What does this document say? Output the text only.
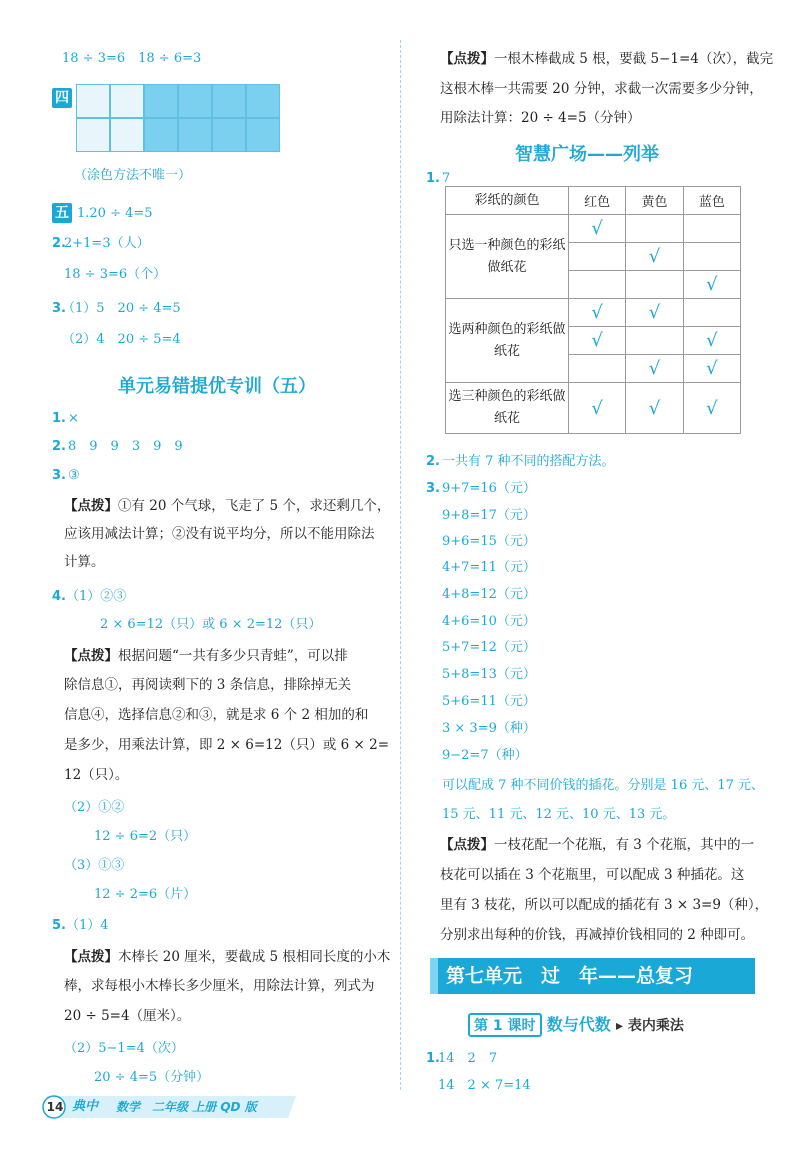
18 ÷ 3=6　18 ÷ 6=3
四
（涂色方法不唯一）
五 1.20 ÷ 4=5
2.
2+1=3（人）
18 ÷ 3=6（个）
3.
（1）5　20 ÷ 4=5
（2）4　20 ÷ 5=4
单元易错提优专训（五）
1. ×
2. 8　9　9　3　9　9
3. ③
【点拨】①有 20 个气球，飞走了 5 个，求还剩几个，
应该用减法计算；②没有说平均分，所以不能用除法
计算。
4. （1）②③
2 × 6=12（只）或 6 × 2=12（只）
【点拨】根据问题“一共有多少只青蛙”，可以排
除信息①，再阅读剩下的 3 条信息，排除掉无关
信息④，选择信息②和③，就是求 6 个 2 相加的和
是多少，用乘法计算，即 2 × 6=12（只）或 6 × 2=
12（只）。
（2）①②
12 ÷ 6=2（只）
（3）①③
12 ÷ 2=6（片）
5. （1）4
【点拨】木棒长 20 厘米，要截成 5 根相同长度的小木
棒，求每根小木棒长多少厘米，用除法计算，列式为
20 ÷ 5=4（厘米）。
（2）5−1=4（次）
20 ÷ 4=5（分钟）
14 典中 数学　二年级 上册 QD 版
【点拨】一根木棒截成 5 根，要截 5−1=4（次），截完
这根木棒一共需要 20 分钟，求截一次需要多少分钟，
用除法计算：20 ÷ 4=5（分钟）
智慧广场——列举
1. 7
彩纸的颜色	红色	黄色	蓝色
只选一种颜色的彩纸做纸花	√		
		√	
			√
选两种颜色的彩纸做纸花	√	√	
	√		√
		√	√
选三种颜色的彩纸做纸花	√	√	√
2. 一共有 7 种不同的搭配方法。
3. 9+7=16（元）
9+8=17（元）
9+6=15（元）
4+7=11（元）
4+8=12（元）
4+6=10（元）
5+7=12（元）
5+8=13（元）
5+6=11（元）
3 × 3=9（种）
9−2=7（种）
可以配成 7 种不同价钱的插花。分别是 16 元、17 元、
15 元、11 元、12 元、10 元、13 元。
【点拨】一枝花配一个花瓶，有 3 个花瓶，其中的一
枝花可以插在 3 个花瓶里，可以配成 3 种插花。这
里有 3 枝花，所以可以配成的插花有 3 × 3=9（种），
分别求出每种的价钱，再减掉价钱相同的 2 种即可。
第七单元　过　年——总复习
第 1 课时 数与代数 ▸ 表内乘法
1.
14　2　7
14　2 × 7=14
